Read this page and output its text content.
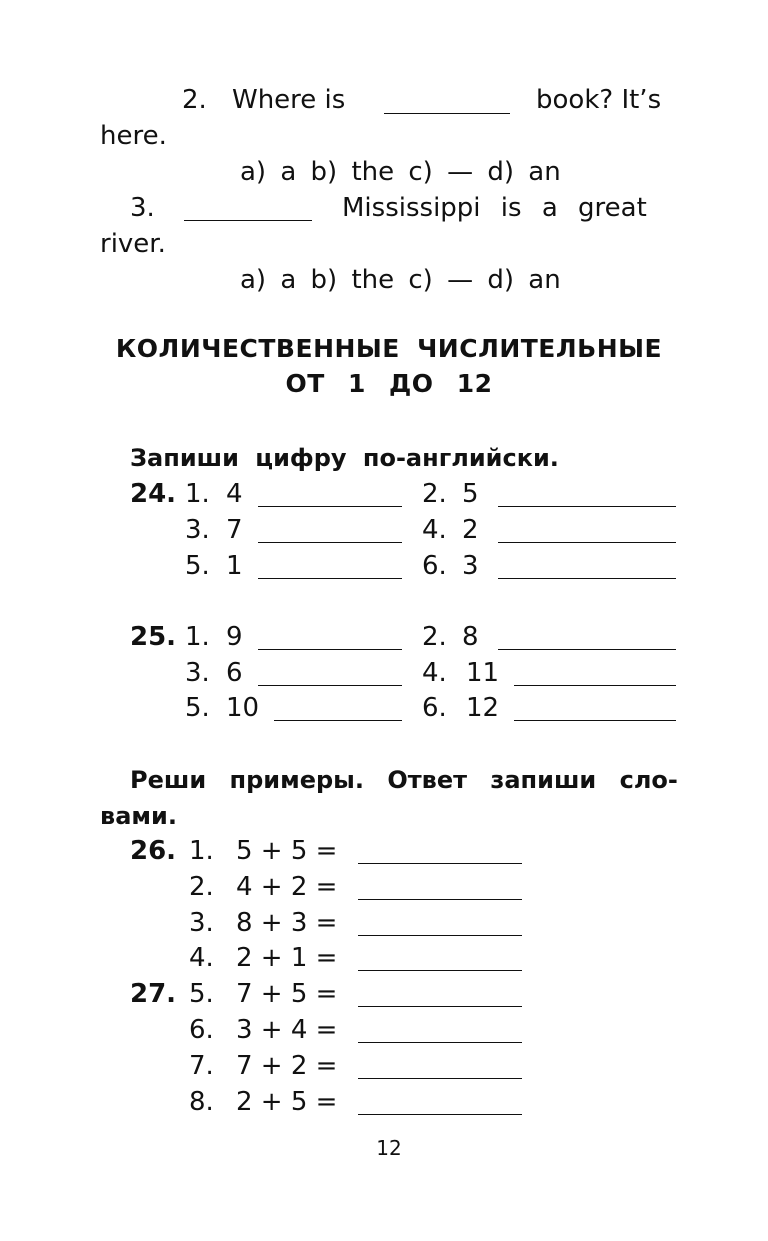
2. Where is	book? It’s
here.
a) a b) the c) — d) an
3.	Mississippi is a great
river.
a) a b) the c) — d) an
КОЛИЧЕСТВЕННЫЕ ЧИСЛИТЕЛЬНЫЕ
ОТ 1 ДО 12
Запиши цифру по-английски.
24. 1. 4	2. 5
3. 7	4. 2
5. 1	6. 3
25. 1. 9	2. 8
3. 6	4. 11
5. 10	6. 12
Реши примеры. Ответ запиши сло-
вами.
26. 1. 5 + 5 =
2. 4 + 2 =
3. 8 + 3 =
4. 2 + 1 =
27. 5. 7 + 5 =
6. 3 + 4 =
7. 7 + 2 =
8. 2 + 5 =
12
